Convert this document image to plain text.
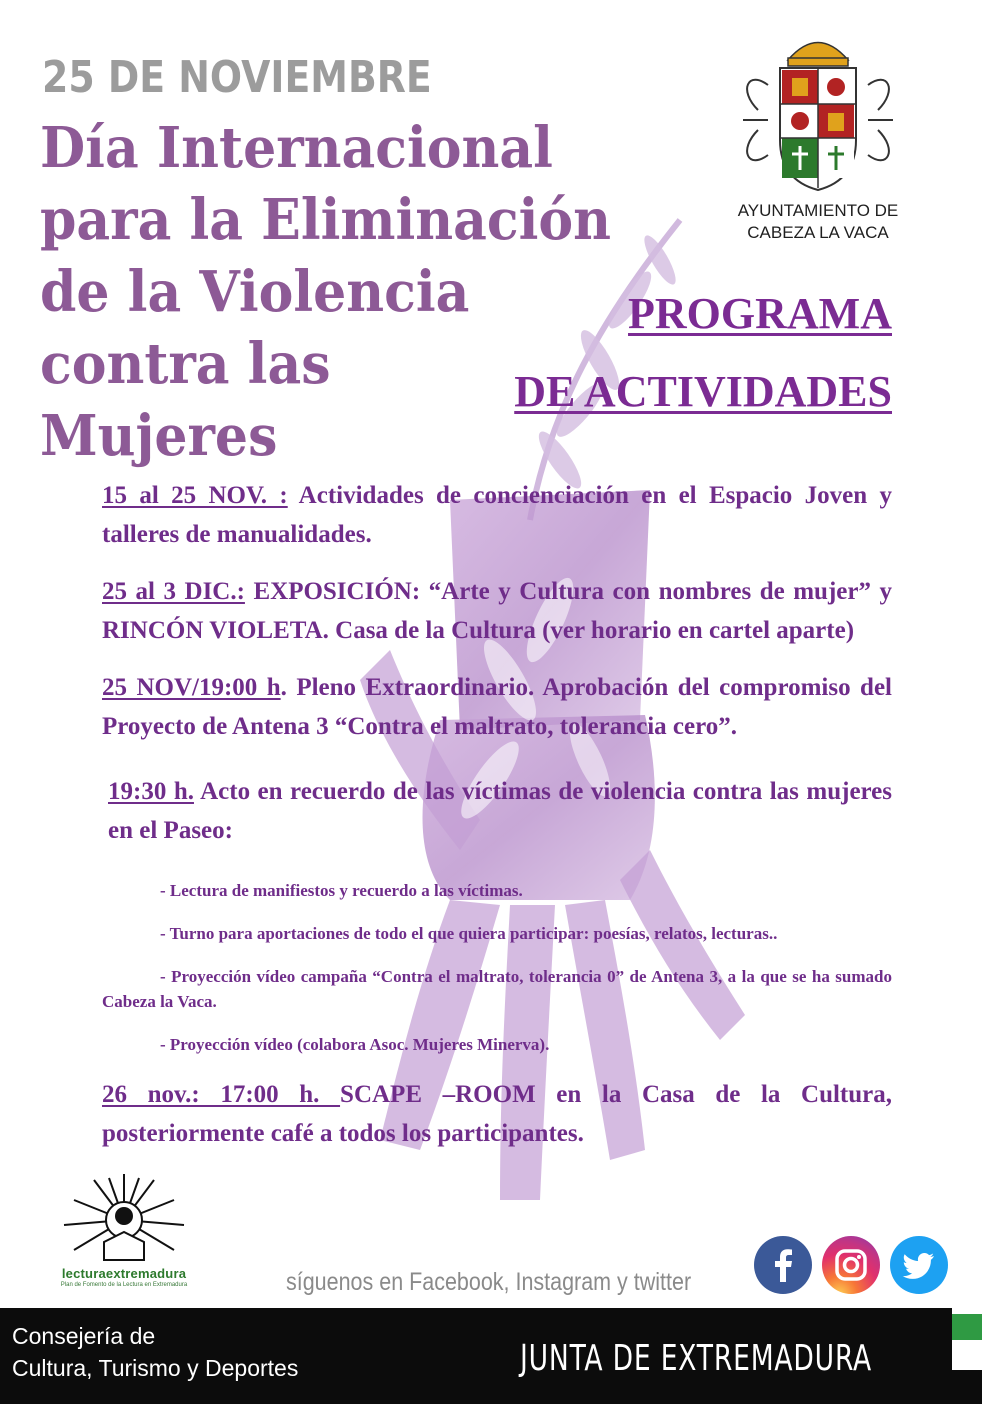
25 DE NOVIEMBRE
Día Internacional
para la Eliminación
de la Violencia
contra las
Mujeres
AYUNTAMIENTO DE
CABEZA LA VACA
PROGRAMA
DE ACTIVIDADES

15 al 25 NOV. : Actividades de concienciación en el Espacio Joven y talleres de manualidades.

25 al 3 DIC.: EXPOSICIÓN: “Arte y Cultura con nombres de mujer” y RINCÓN VIOLETA. Casa de la Cultura (ver horario en cartel aparte)

25 NOV/19:00 h. Pleno Extraordinario. Aprobación del compromiso del Proyecto de Antena 3 “Contra el maltrato, tolerancia cero”.

19:30 h. Acto en recuerdo de las víctimas de violencia contra las mujeres en el Paseo:

- Lectura de manifiestos y recuerdo a las víctimas.

- Turno para aportaciones de todo el que quiera participar: poesías, relatos, lecturas..

- Proyección vídeo campaña “Contra el maltrato, tolerancia 0” de Antena 3, a la que se ha sumado Cabeza la Vaca.

- Proyección vídeo (colabora Asoc. Mujeres Minerva).

26 nov.: 17:00 h. SCAPE –ROOM en la Casa de la Cultura, posteriormente café a todos los participantes.

lecturaextremadura
Plan de Fomento de la Lectura en Extremadura	síguenos en Facebook, Instagram y twitter
Consejería de
Cultura, Turismo y Deportes	JUNTA DE EXTREMADURA
